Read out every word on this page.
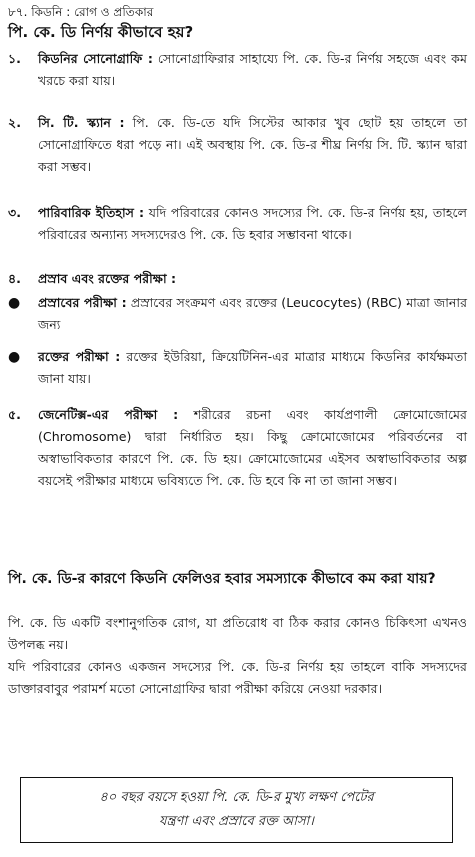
৮৭. কিডনি : রোগ ও প্রতিকার
পি. কে. ডি নির্ণয় কীভাবে হয়?
১.	কিডনির সোনোগ্রাফি : সোনোগ্রাফিরার সাহায্যে পি. কে. ডি-র নির্ণয় সহজে এবং কম খরচে করা যায়।
২.	সি. টি. স্ক্যান : পি. কে. ডি-তে যদি সিস্টের আকার খুব ছোট হয় তাহলে তা সোনোগ্রাফিতে ধরা পড়ে না। এই অবস্থায় পি. কে. ডি-র শীঘ্র নির্ণয় সি. টি. স্ক্যান দ্বারা করা সম্ভব।
৩.	পারিবারিক ইতিহাস : যদি পরিবারের কোনও সদস্যের পি. কে. ডি-র নির্ণয় হয়, তাহলে পরিবারের অন্যান্য সদস্যদেরও পি. কে. ডি হবার সম্ভাবনা থাকে।
৪.	প্রস্রাব এবং রক্তের পরীক্ষা :
● প্রস্রাবের পরীক্ষা : প্রস্রাবের সংক্রমণ এবং রক্তের (Leucocytes) (RBC) মাত্রা জানার জন্য
● রক্তের পরীক্ষা : রক্তের ইউরিয়া, ক্রিয়েটিনিন-এর মাত্রার মাধ্যমে কিডনির কার্যক্ষমতা জানা যায়।
৫.	জেনেটিক্স-এর পরীক্ষা : শরীরের রচনা এবং কার্যপ্রণালী ক্রোমোজোমের (Chromosome) দ্বারা নির্ধারিত হয়। কিছু ক্রোমোজোমের পরিবর্তনের বা অস্বাভাবিকতার কারণে পি. কে. ডি হয়। ক্রোমোজোমের এইসব অস্বাভাবিকতার অল্প বয়সেই পরীক্ষার মাধ্যমে ভবিষ্যতে পি. কে. ডি হবে কি না তা জানা সম্ভব।
পি. কে. ডি-র কারণে কিডনি ফেলিওর হবার সমস্যাকে কীভাবে কম করা যায়?
পি. কে. ডি একটি বংশানুগতিক রোগ, যা প্রতিরোধ বা ঠিক করার কোনও চিকিৎসা এখনও উপলব্ধ নয়।
যদি পরিবারের কোনও একজন সদস্যের পি. কে. ডি-র নির্ণয় হয় তাহলে বাকি সদস্যদের ডাক্তারবাবুর পরামর্শ মতো সোনোগ্রাফির দ্বারা পরীক্ষা করিয়ে নেওয়া দরকার।
৪০ বছর বয়সে হওয়া পি. কে. ডি-র মুখ্য লক্ষণ পেটের
যন্ত্রণা এবং প্রস্রাবে রক্ত আসা।
